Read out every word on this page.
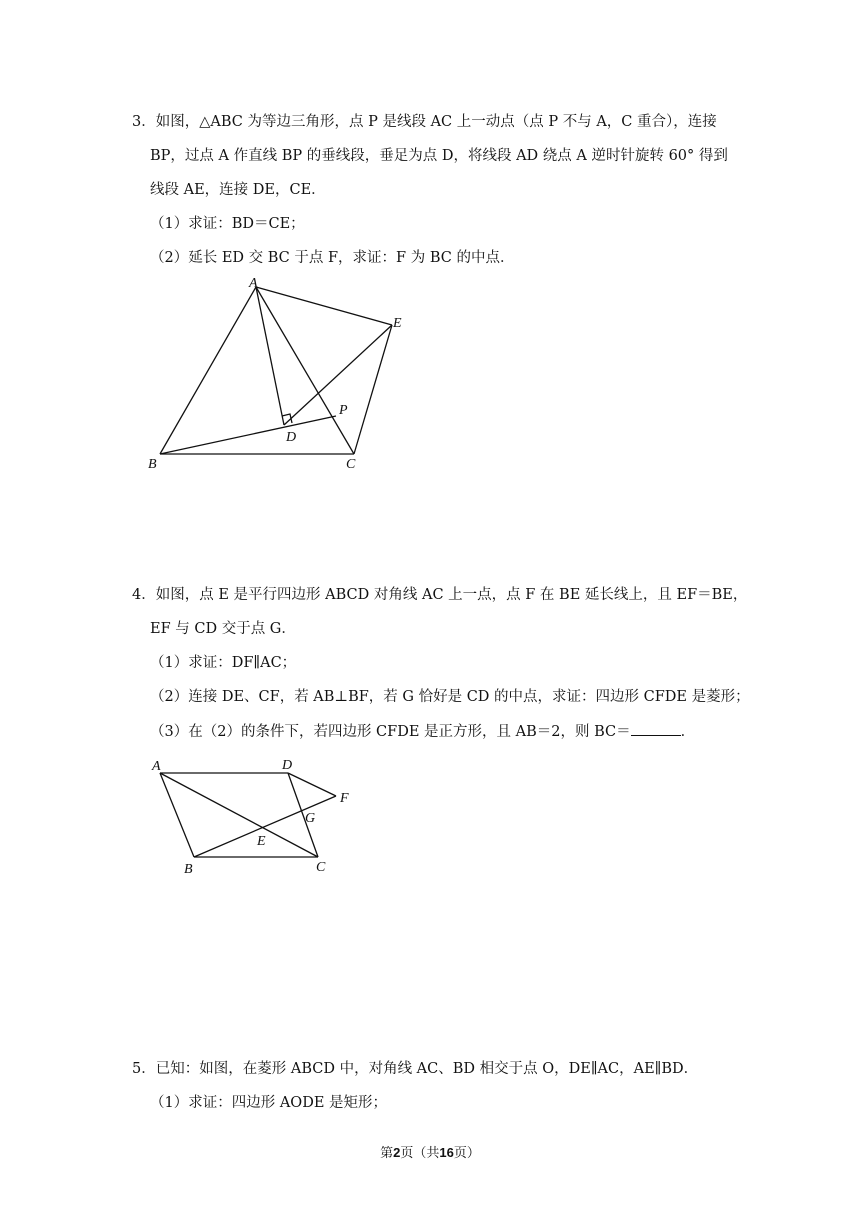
3．如图，△ABC 为等边三角形，点 P 是线段 AC 上一动点（点 P 不与 A，C 重合），连接
BP，过点 A 作直线 BP 的垂线段，垂足为点 D，将线段 AD 绕点 A 逆时针旋转 60° 得到
线段 AE，连接 DE，CE．
（1）求证：BD＝CE；
（2）延长 ED 交 BC 于点 F，求证：F 为 BC 的中点．
A
B	C
D
E
P
4．如图，点 E 是平行四边形 ABCD 对角线 AC 上一点，点 F 在 BE 延长线上，且 EF＝BE，
EF 与 CD 交于点 G．
（1）求证：DF∥AC；
（2）连接 DE、CF，若 AB⊥BF，若 G 恰好是 CD 的中点，求证：四边形 CFDE 是菱形；
（3）在（2）的条件下，若四边形 CFDE 是正方形，且 AB＝2，则 BC＝	．
A	D
F
G
E
B	C
5．已知：如图，在菱形 ABCD 中，对角线 AC、BD 相交于点 O，DE∥AC，AE∥BD．
（1）求证：四边形 AODE 是矩形；
第2页（共16页）
